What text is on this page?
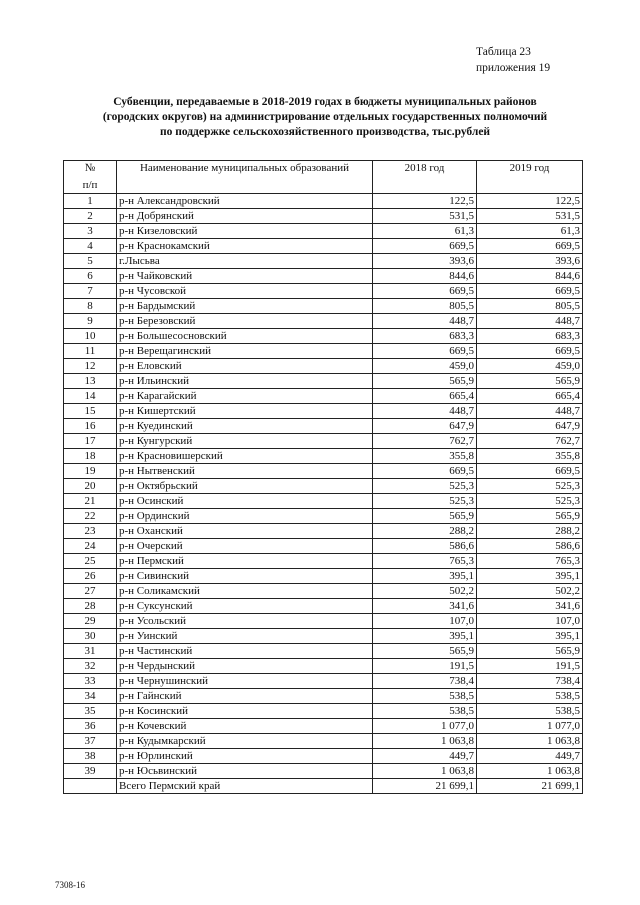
Таблица 23
приложения 19
Субвенции, передаваемые в 2018-2019 годах в бюджеты муниципальных районов
(городских округов) на администрирование отдельных государственных полномочий
по поддержке сельскохозяйственного производства, тыс.рублей
№	Наименование муниципальных образований	2018 год	2019 год
п/п			
1	р-н Александровский	122,5	122,5
2	р-н Добрянский	531,5	531,5
3	р-н Кизеловский	61,3	61,3
4	р-н Краснокамский	669,5	669,5
5	г.Лысьва	393,6	393,6
6	р-н Чайковский	844,6	844,6
7	р-н Чусовской	669,5	669,5
8	р-н Бардымский	805,5	805,5
9	р-н Березовский	448,7	448,7
10	р-н Большесосновский	683,3	683,3
11	р-н Верещагинский	669,5	669,5
12	р-н Еловский	459,0	459,0
13	р-н Ильинский	565,9	565,9
14	р-н Карагайский	665,4	665,4
15	р-н Кишертский	448,7	448,7
16	р-н Куединский	647,9	647,9
17	р-н Кунгурский	762,7	762,7
18	р-н Красновишерский	355,8	355,8
19	р-н Нытвенский	669,5	669,5
20	р-н Октябрьский	525,3	525,3
21	р-н Осинский	525,3	525,3
22	р-н Ординский	565,9	565,9
23	р-н Оханский	288,2	288,2
24	р-н Очерский	586,6	586,6
25	р-н Пермский	765,3	765,3
26	р-н Сивинский	395,1	395,1
27	р-н Соликамский	502,2	502,2
28	р-н Суксунский	341,6	341,6
29	р-н Усольский	107,0	107,0
30	р-н Уинский	395,1	395,1
31	р-н Частинский	565,9	565,9
32	р-н Чердынский	191,5	191,5
33	р-н Чернушинский	738,4	738,4
34	р-н Гайнский	538,5	538,5
35	р-н Косинский	538,5	538,5
36	р-н Кочевский	1 077,0	1 077,0
37	р-н Кудымкарский	1 063,8	1 063,8
38	р-н Юрлинский	449,7	449,7
39	р-н Юсьвинский	1 063,8	1 063,8
	Всего Пермский край	21 699,1	21 699,1
7308-16
